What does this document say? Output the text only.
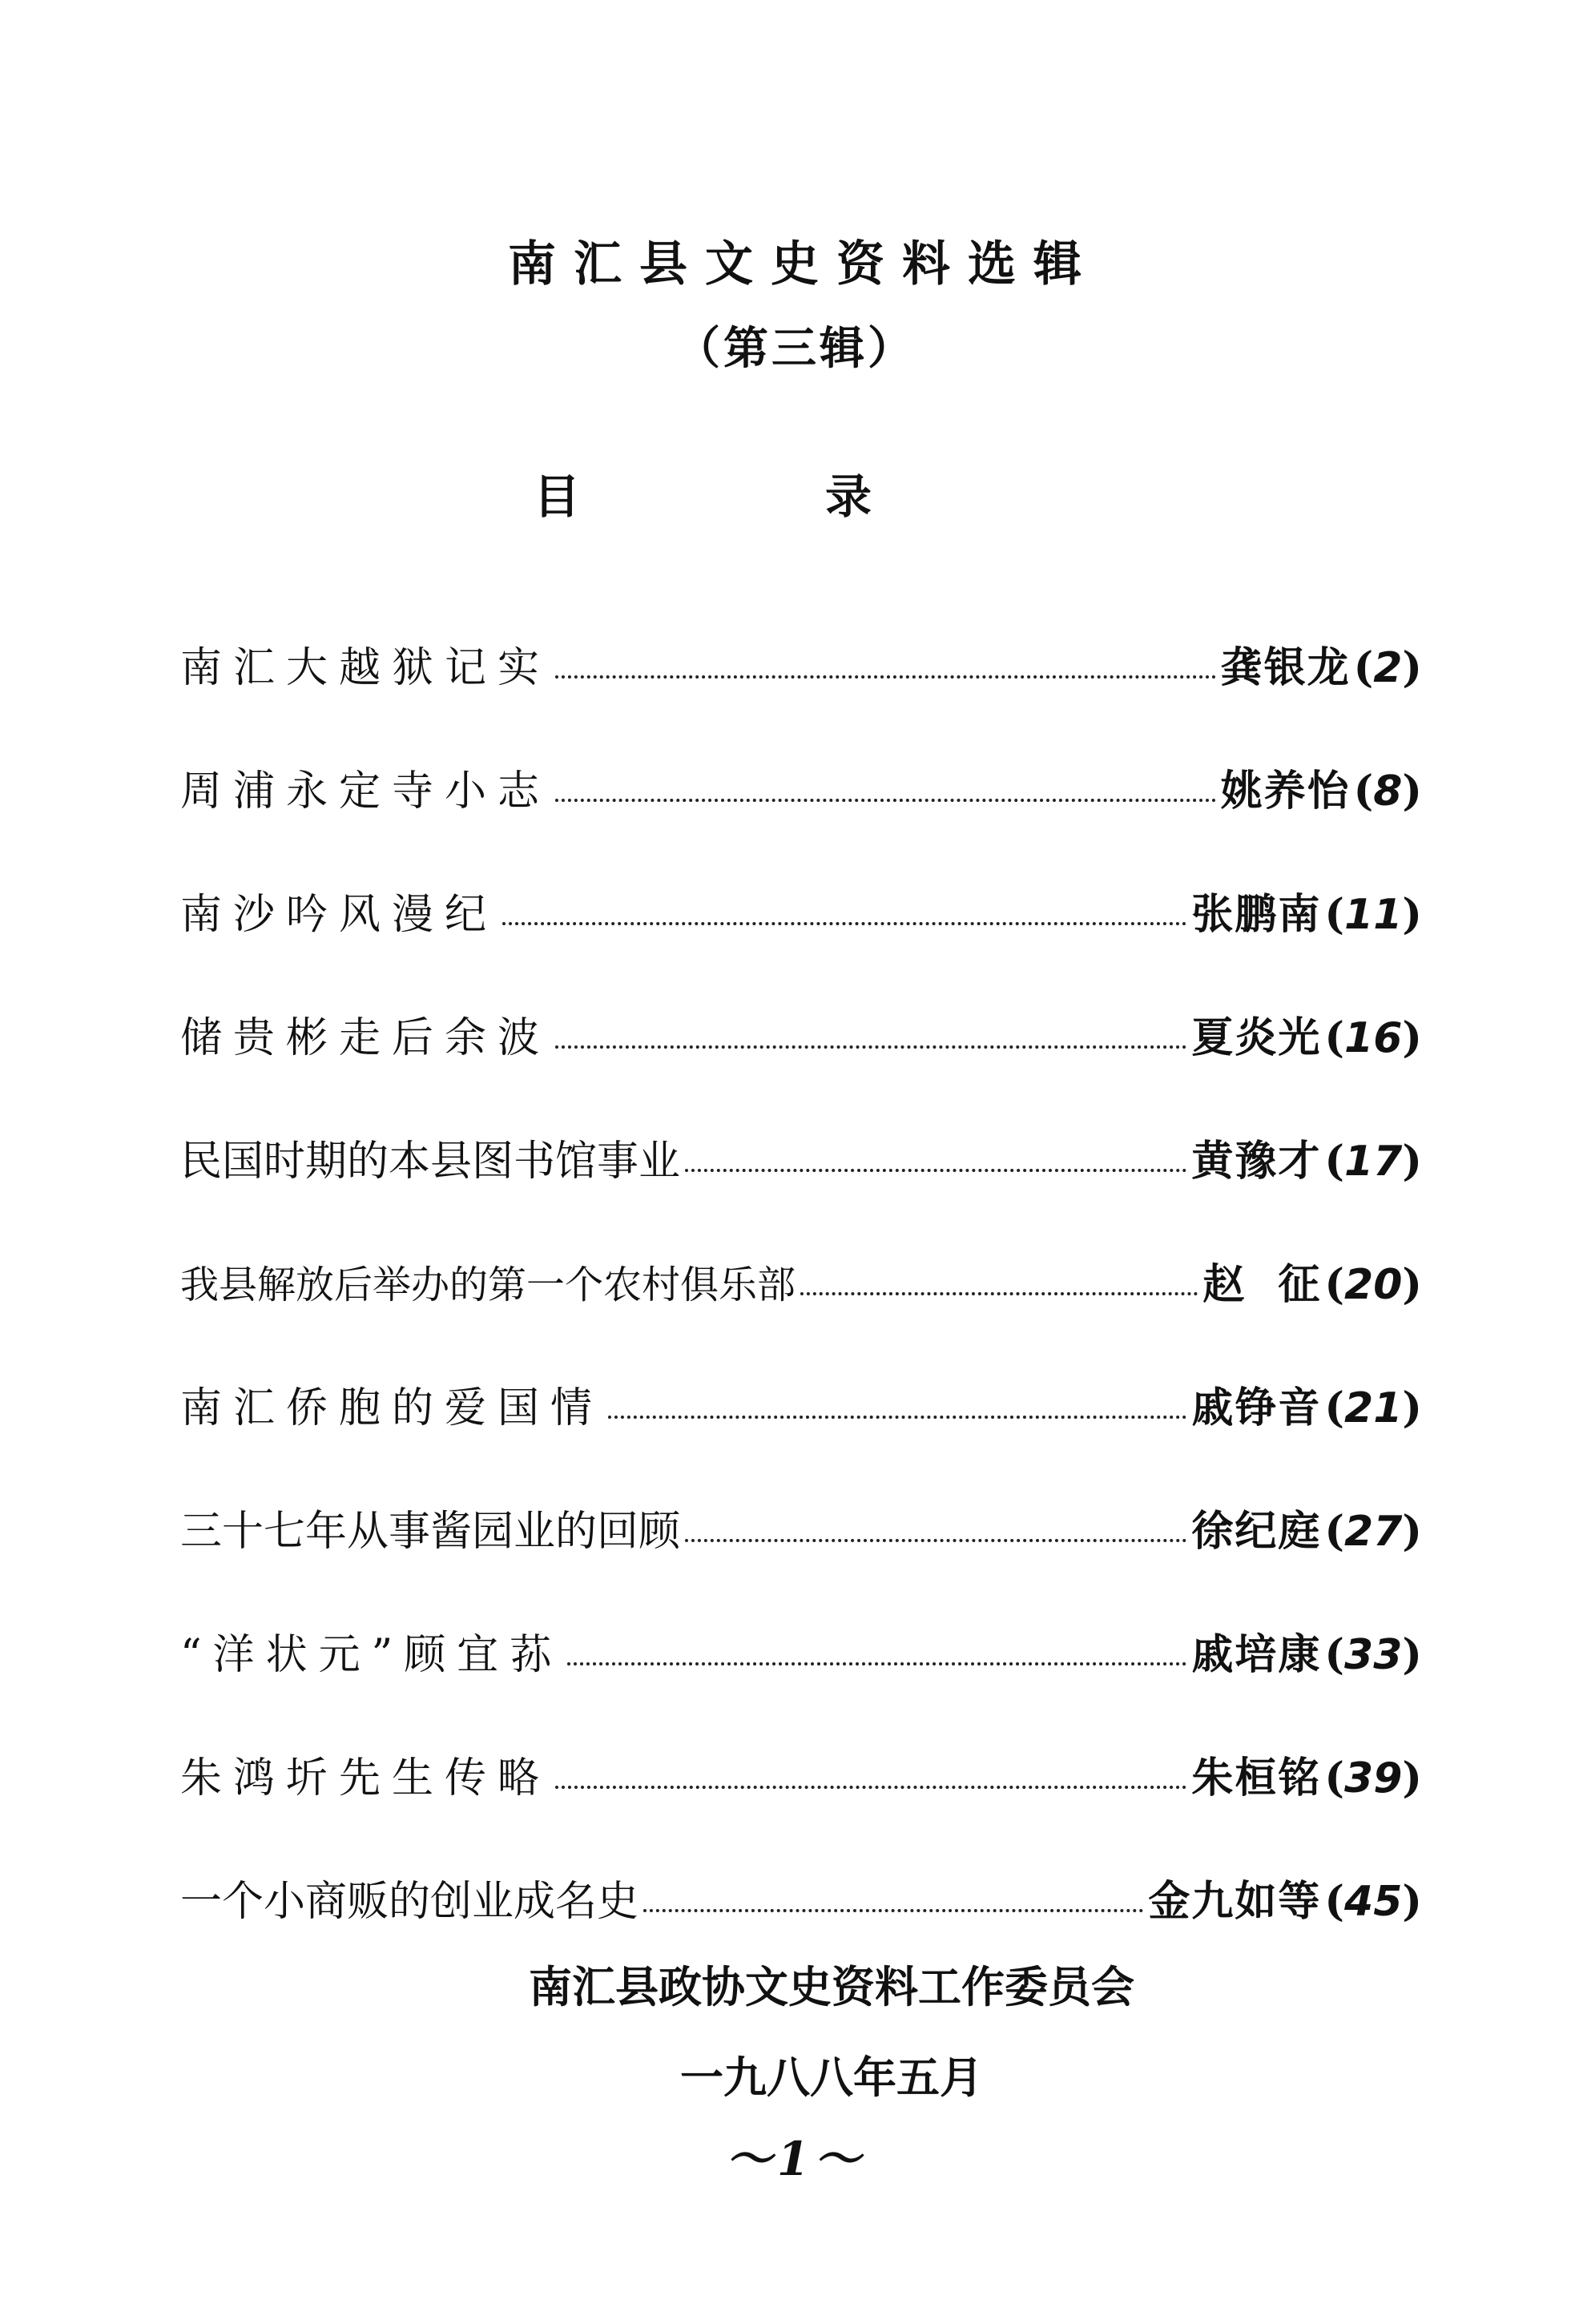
南汇县文史资料选辑
（第三辑）
目	录
南汇大越狱记实	龚银龙 (2)
周浦永定寺小志	姚养怡 (8)
南沙吟风漫纪	张鹏南 (11)
储贵彬走后余波	夏炎光 (16)
民国时期的本县图书馆事业	黄豫才 (17)
我县解放后举办的第一个农村俱乐部	赵  征 (20)
南汇侨胞的爱国情	戚铮音 (21)
三十七年从事酱园业的回顾	徐纪庭 (27)
“洋状元”顾宜荪	戚培康 (33)
朱鸿圻先生传略	朱桓铭 (39)
一个小商贩的创业成名史	金九如等 (45)
南汇县政协文史资料工作委员会
一九八八年五月
～1～
